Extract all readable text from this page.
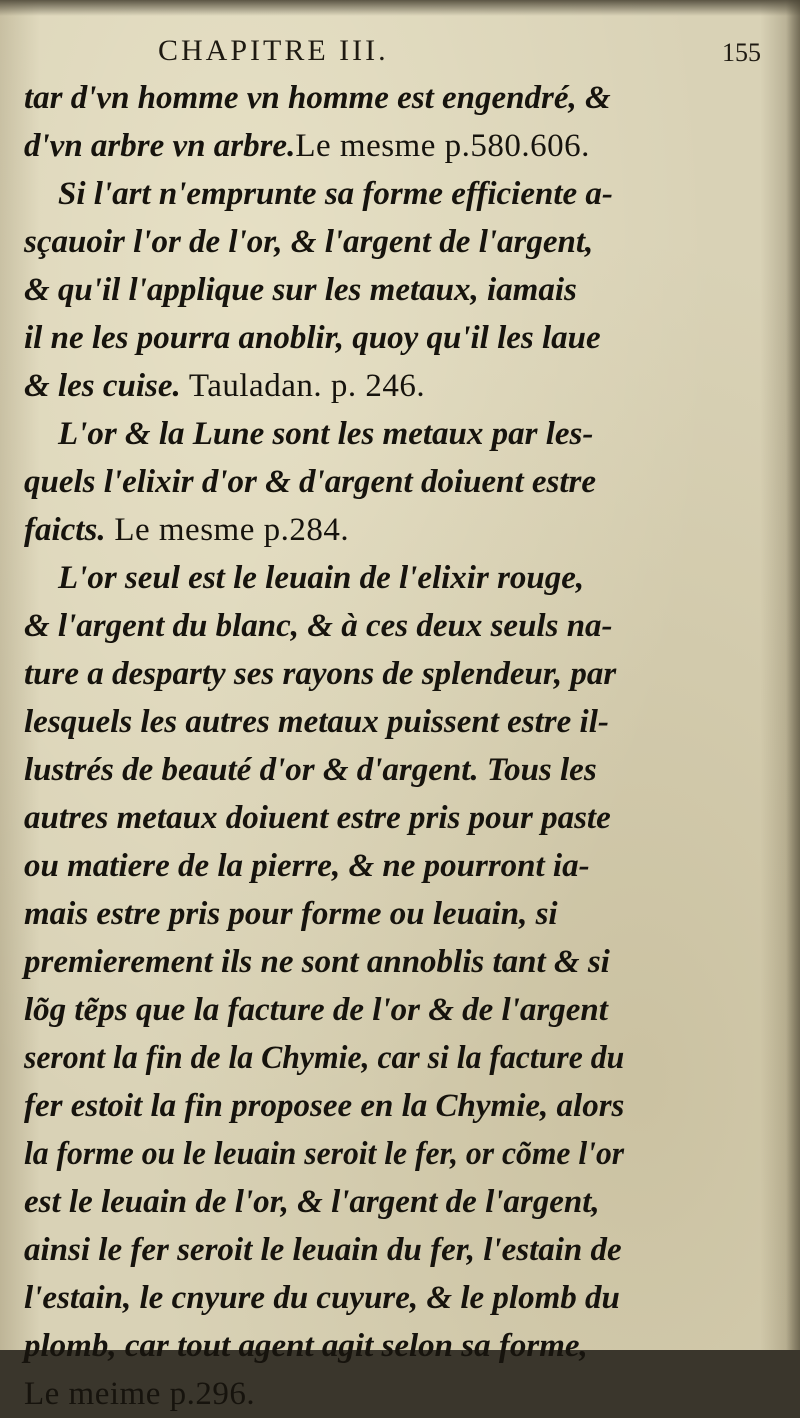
CHAPITRE III.	155
tar d'vn homme vn homme est engendré, &
d'vn arbre vn arbre.Le mesme p.580.606.
Si l'art n'emprunte sa forme efficiente a-
sçauoir l'or de l'or, & l'argent de l'argent,
& qu'il l'applique sur les metaux, iamais
il ne les pourra anoblir, quoy qu'il les laue
& les cuise. Tauladan. p. 246.
L'or & la Lune sont les metaux par les-
quels l'elixir d'or & d'argent doiuent estre
faicts. Le mesme p.284.
L'or seul est le leuain de l'elixir rouge,
& l'argent du blanc, & à ces deux seuls na-
ture a desparty ses rayons de splendeur, par
lesquels les autres metaux puissent estre il-
lustrés de beauté d'or & d'argent. Tous les
autres metaux doiuent estre pris pour paste
ou matiere de la pierre, & ne pourront ia-
mais estre pris pour forme ou leuain, si
premierement ils ne sont annoblis tant & si
lõg tẽps que la facture de l'or & de l'argent
seront la fin de la Chymie, car si la facture du
fer estoit la fin proposee en la Chymie, alors
la forme ou le leuain seroit le fer, or cõme l'or
est le leuain de l'or, & l'argent de l'argent,
ainsi le fer seroit le leuain du fer, l'estain de
l'estain, le cnyure du cuyure, & le plomb du
plomb, car tout agent agit selon sa forme,
Le meime p.296.
